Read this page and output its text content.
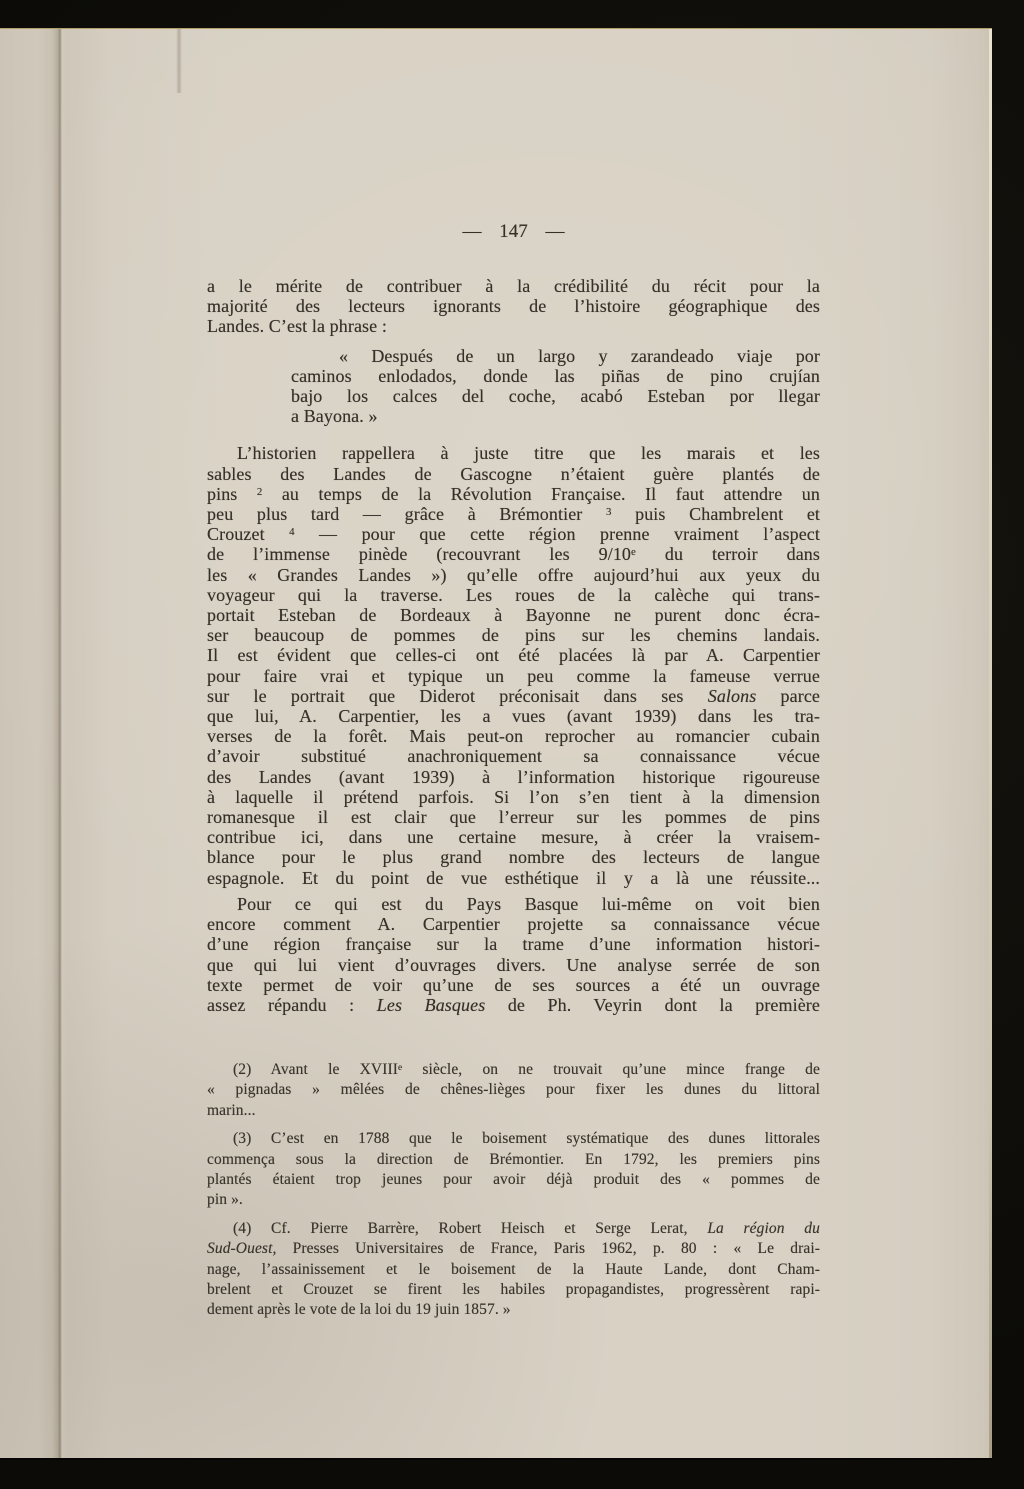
— 147 —
a le mérite de contribuer à la crédibilité du récit pour la
majorité des lecteurs ignorants de l’histoire géographique des
Landes. C’est la phrase :
« Después de un largo y zarandeado viaje por
caminos enlodados, donde las piñas de pino crujían
bajo los calces del coche, acabó Esteban por llegar
a Bayona. »
L’historien rappellera à juste titre que les marais et les
sables des Landes de Gascogne n’étaient guère plantés de
pins $^2$ au temps de la Révolution Française. Il faut attendre un
peu plus tard — grâce à Brémontier $^3$ puis Chambrelent et
Crouzet $^4$ — pour que cette région prenne vraiment l’aspect
de l’immense pinède (recouvrant les 9/10e du terroir dans
les « Grandes Landes ») qu’elle offre aujourd’hui aux yeux du
voyageur qui la traverse. Les roues de la calèche qui trans-
portait Esteban de Bordeaux à Bayonne ne purent donc écra-
ser beaucoup de pommes de pins sur les chemins landais.
Il est évident que celles-ci ont été placées là par A. Carpentier
pour faire vrai et typique un peu comme la fameuse verrue
sur le portrait que Diderot préconisait dans ses Salons parce
que lui, A. Carpentier, les a vues (avant 1939) dans les tra-
verses de la forêt. Mais peut-on reprocher au romancier cubain
d’avoir substitué anachroniquement sa connaissance vécue
des Landes (avant 1939) à l’information historique rigoureuse
à laquelle il prétend parfois. Si l’on s’en tient à la dimension
romanesque il est clair que l’erreur sur les pommes de pins
contribue ici, dans une certaine mesure, à créer la vraisem-
blance pour le plus grand nombre des lecteurs de langue
espagnole. Et du point de vue esthétique il y a là une réussite...
Pour ce qui est du Pays Basque lui-même on voit bien
encore comment A. Carpentier projette sa connaissance vécue
d’une région française sur la trame d’une information histori-
que qui lui vient d’ouvrages divers. Une analyse serrée de son
texte permet de voir qu’une de ses sources a été un ouvrage
assez répandu : Les Basques de Ph. Veyrin dont la première
(2) Avant le XVIIIe siècle, on ne trouvait qu’une mince frange de
« pignadas » mêlées de chênes-lièges pour fixer les dunes du littoral
marin...
(3) C’est en 1788 que le boisement systématique des dunes littorales
commença sous la direction de Brémontier. En 1792, les premiers pins
plantés étaient trop jeunes pour avoir déjà produit des « pommes de
pin ».
(4) Cf. Pierre Barrère, Robert Heisch et Serge Lerat, La région du
Sud-Ouest, Presses Universitaires de France, Paris 1962, p. 80 : « Le drai-
nage, l’assainissement et le boisement de la Haute Lande, dont Cham-
brelent et Crouzet se firent les habiles propagandistes, progressèrent rapi-
dement après le vote de la loi du 19 juin 1857. »
